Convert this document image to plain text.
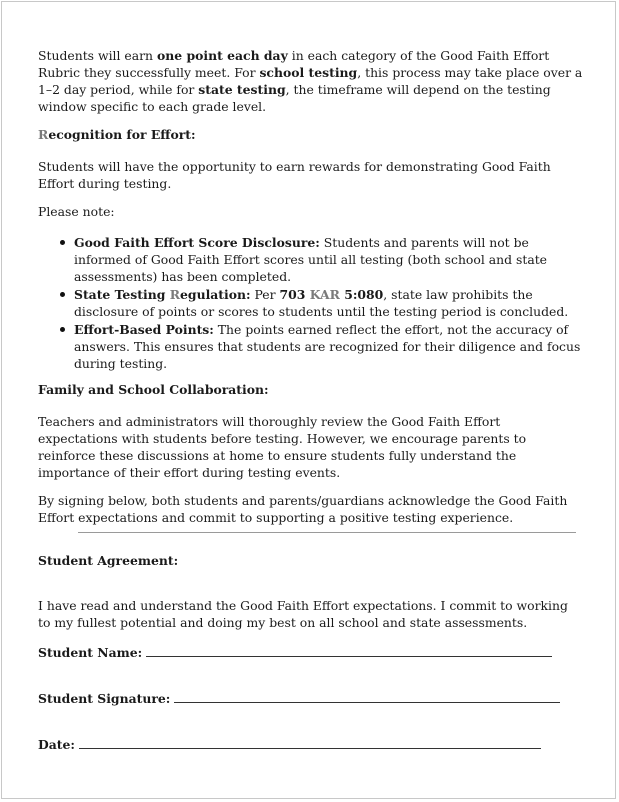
Students will earn one point each day in each category of the Good Faith Effort Rubric they successfully meet. For school testing, this process may take place over a 1–2 day period, while for state testing, the timeframe will depend on the testing window specific to each grade level.

Recognition for Effort:

Students will have the opportunity to earn rewards for demonstrating Good Faith Effort during testing.

Please note:

Good Faith Effort Score Disclosure: Students and parents will not be informed of Good Faith Effort scores until all testing (both school and state assessments) has been completed.
State Testing Regulation: Per 703 KAR 5:080, state law prohibits the disclosure of points or scores to students until the testing period is concluded.
Effort-Based Points: The points earned reflect the effort, not the accuracy of answers. This ensures that students are recognized for their diligence and focus during testing.

Family and School Collaboration:

Teachers and administrators will thoroughly review the Good Faith Effort expectations with students before testing. However, we encourage parents to reinforce these discussions at home to ensure students fully understand the importance of their effort during testing events.

By signing below, both students and parents/guardians acknowledge the Good Faith Effort expectations and commit to supporting a positive testing experience.

Student Agreement:

I have read and understand the Good Faith Effort expectations. I commit to working to my fullest potential and doing my best on all school and state assessments.

Student Name:
Student Signature:
Date:
